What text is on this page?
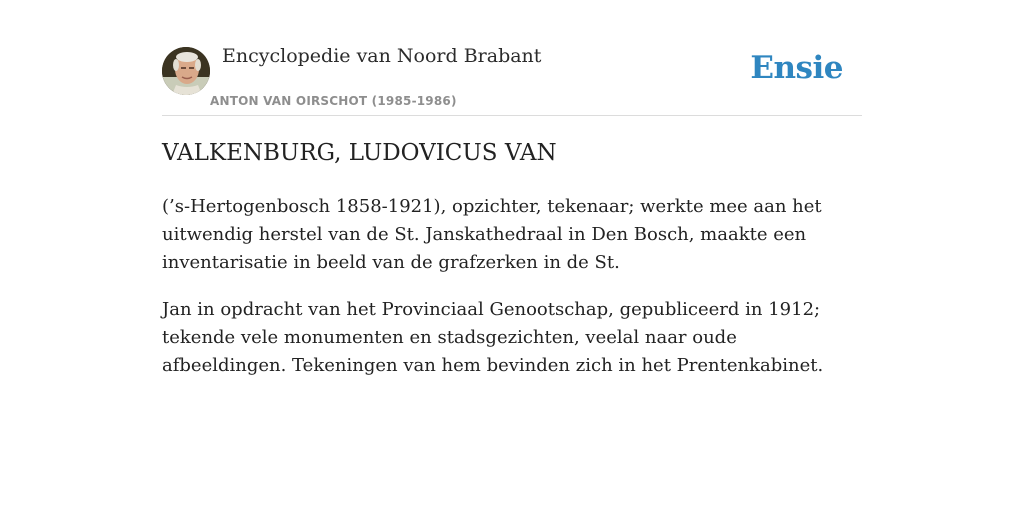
Encyclopedie van Noord Brabant
ANTON VAN OIRSCHOT (1985-1986)
Ensie
VALKENBURG, LUDOVICUS VAN

(’s-Hertogenbosch 1858-1921), opzichter, tekenaar; werkte mee aan het uitwendig herstel van de St. Janskathedraal in Den Bosch, maakte een inventarisatie in beeld van de grafzerken in de St.

Jan in opdracht van het Provinciaal Genootschap, gepubliceerd in 1912; tekende vele monumenten en stadsgezichten, veelal naar oude afbeeldingen. Tekeningen van hem bevinden zich in het Prentenkabinet.
